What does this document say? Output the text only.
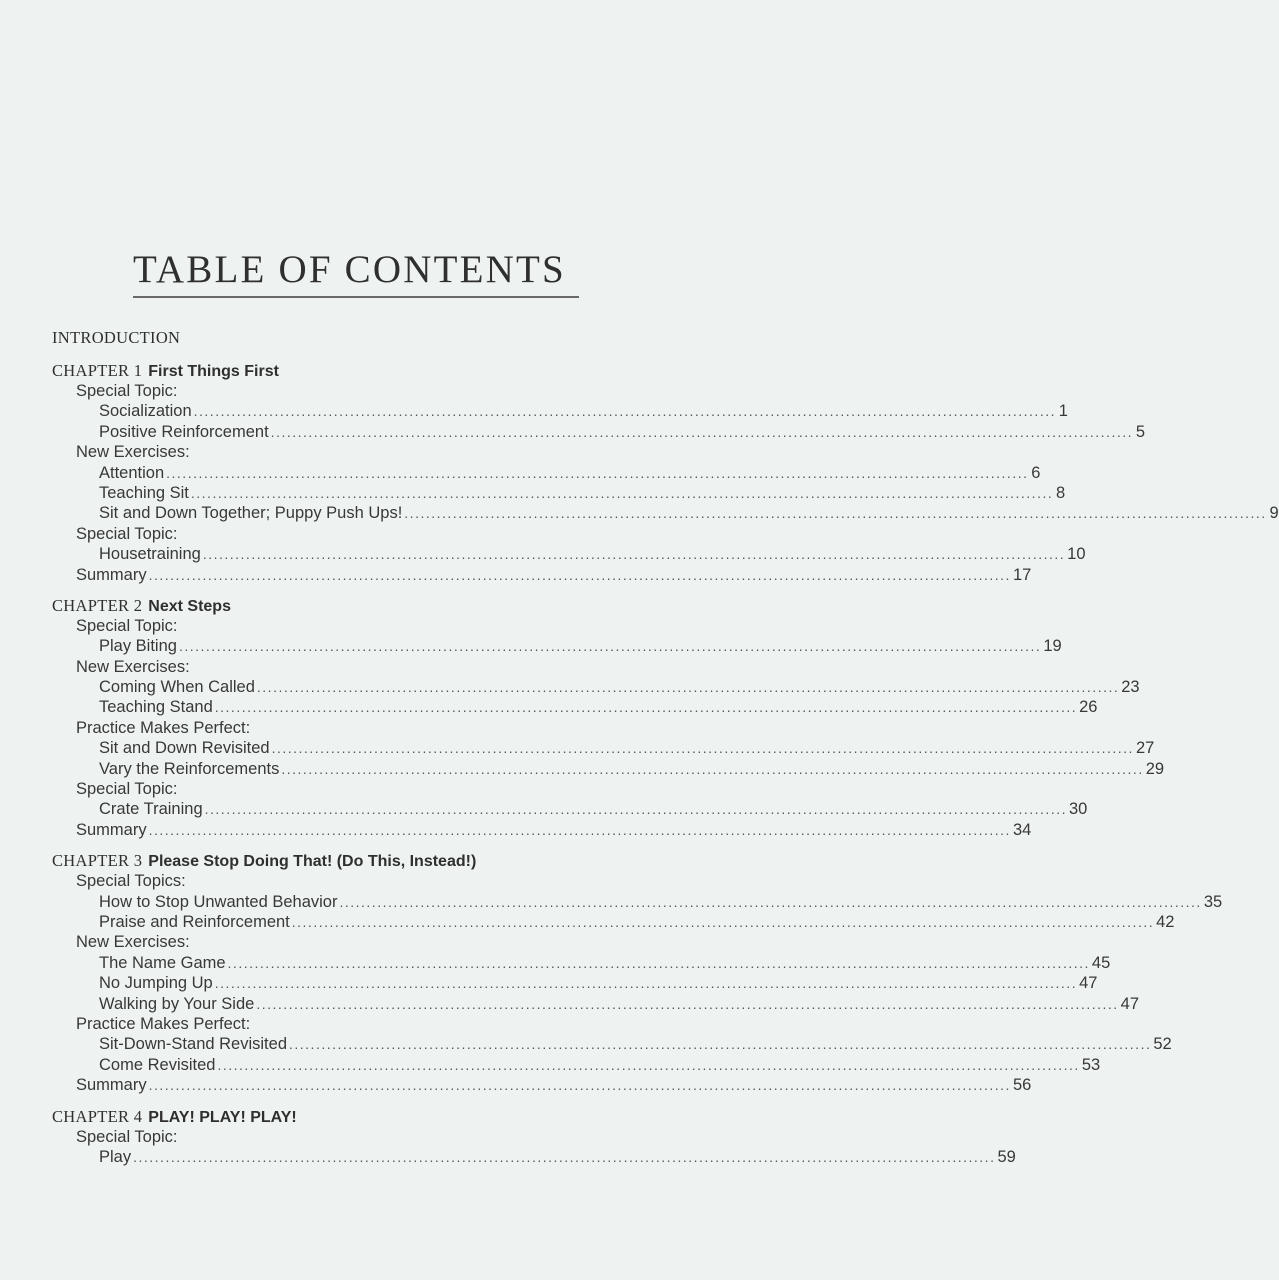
TABLE OF CONTENTS
INTRODUCTION
CHAPTER 1 First Things First
Special Topic:
Socialization ................................................................................................................................................................ 1
Positive Reinforcement ................................................................................................................................................................ 5
New Exercises:
Attention ................................................................................................................................................................ 6
Teaching Sit ................................................................................................................................................................ 8
Sit and Down Together; Puppy Push Ups! ................................................................................................................................................................ 9
Special Topic:
Housetraining ................................................................................................................................................................ 10
Summary ................................................................................................................................................................ 17
CHAPTER 2 Next Steps
Special Topic:
Play Biting ................................................................................................................................................................ 19
New Exercises:
Coming When Called ................................................................................................................................................................ 23
Teaching Stand ................................................................................................................................................................ 26
Practice Makes Perfect:
Sit and Down Revisited ................................................................................................................................................................ 27
Vary the Reinforcements ................................................................................................................................................................ 29
Special Topic:
Crate Training ................................................................................................................................................................ 30
Summary ................................................................................................................................................................ 34
CHAPTER 3 Please Stop Doing That! (Do This, Instead!)
Special Topics:
How to Stop Unwanted Behavior ................................................................................................................................................................ 35
Praise and Reinforcement ................................................................................................................................................................ 42
New Exercises:
The Name Game ................................................................................................................................................................ 45
No Jumping Up ................................................................................................................................................................ 47
Walking by Your Side ................................................................................................................................................................ 47
Practice Makes Perfect:
Sit-Down-Stand Revisited ................................................................................................................................................................ 52
Come Revisited ................................................................................................................................................................ 53
Summary ................................................................................................................................................................ 56
CHAPTER 4 PLAY! PLAY! PLAY!
Special Topic:
Play ................................................................................................................................................................ 59
